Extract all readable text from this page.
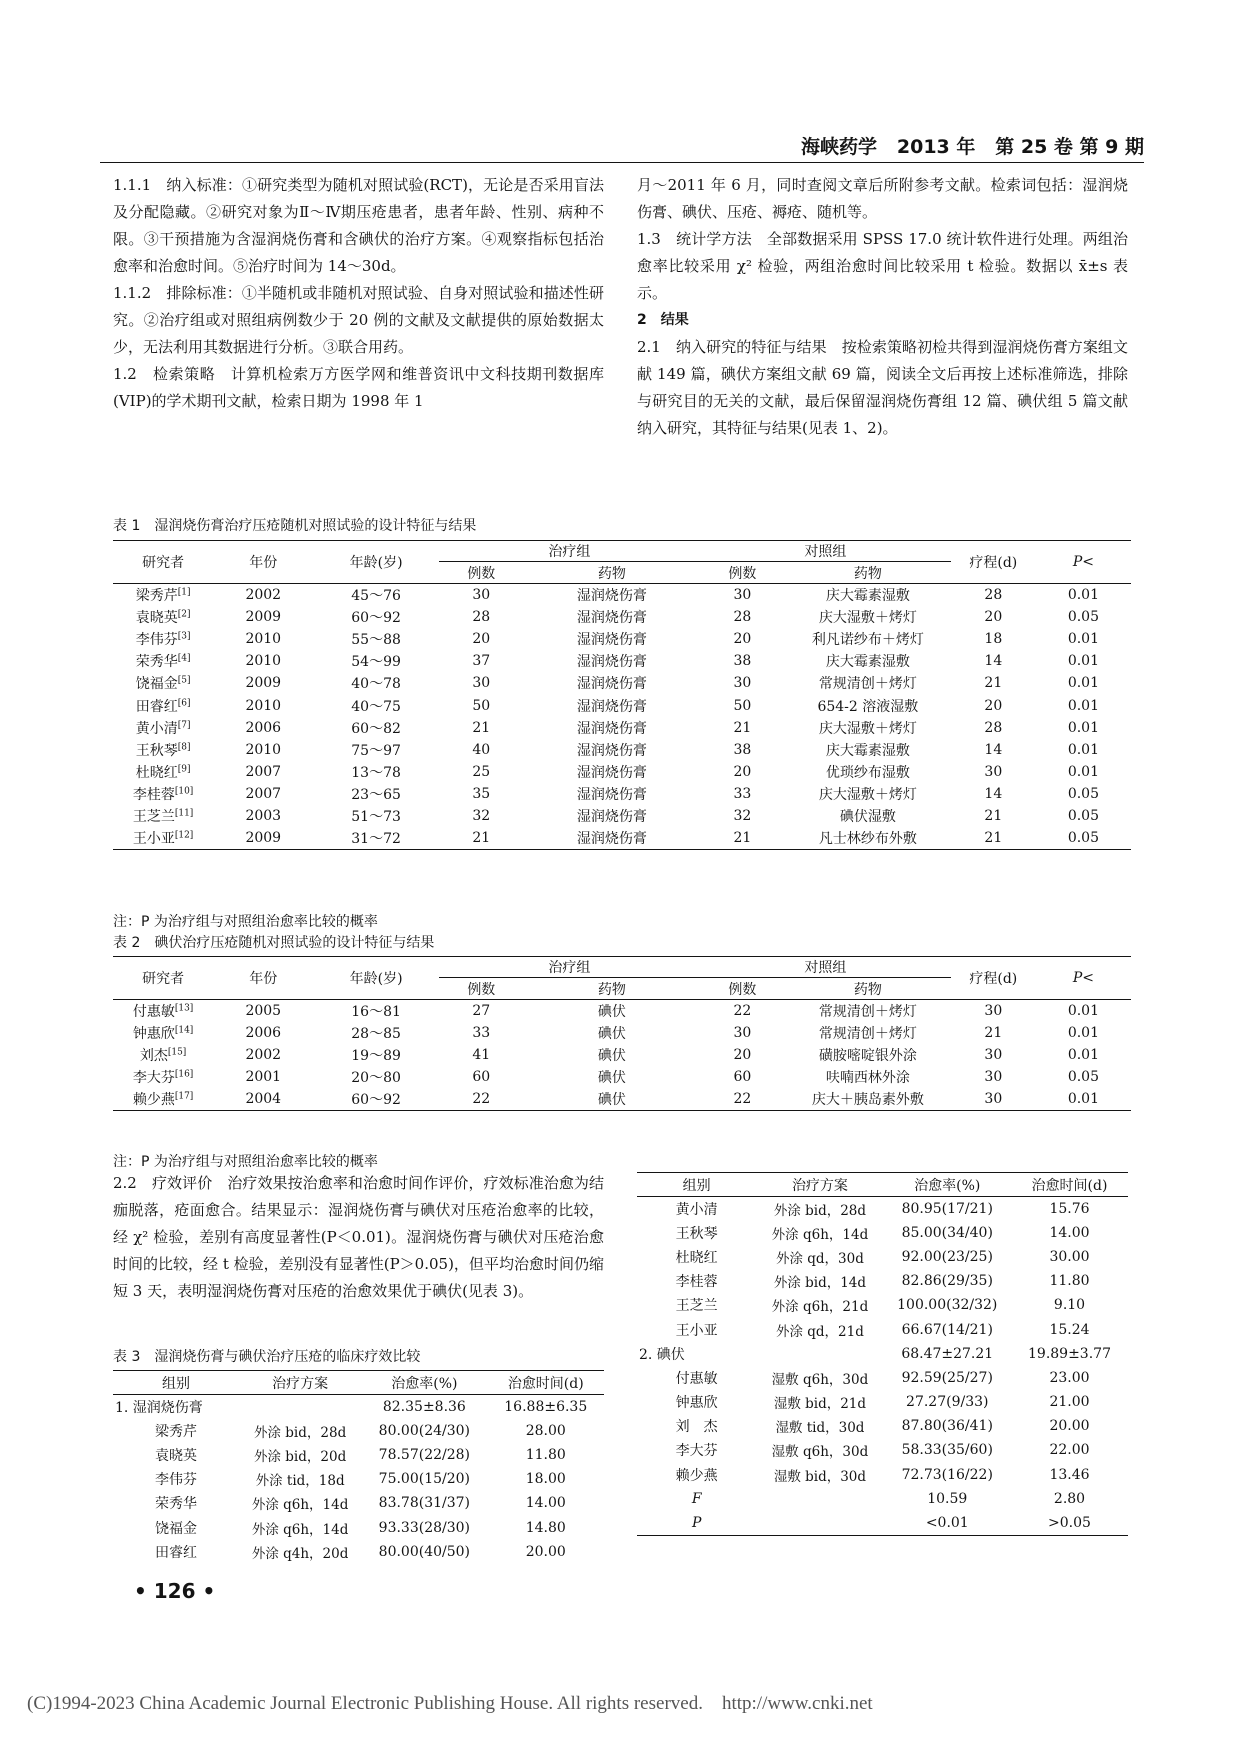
海峡药学 2013 年 第 25 卷 第 9 期

1.1.1　纳入标准：①研究类型为随机对照试验(RCT)，无论是否采用盲法及分配隐藏。②研究对象为Ⅱ～Ⅳ期压疮患者，患者年龄、性别、病种不限。③干预措施为含湿润烧伤膏和含碘伏的治疗方案。④观察指标包括治愈率和治愈时间。⑤治疗时间为 14～30d。

1.1.2　排除标准：①半随机或非随机对照试验、自身对照试验和描述性研究。②治疗组或对照组病例数少于 20 例的文献及文献提供的原始数据太少，无法利用其数据进行分析。③联合用药。

1.2　检索策略　计算机检索万方医学网和维普资讯中文科技期刊数据库(VIP)的学术期刊文献，检索日期为 1998 年 1

月～2011 年 6 月，同时查阅文章后所附参考文献。检索词包括：湿润烧伤膏、碘伏、压疮、褥疮、随机等。

1.3　统计学方法　全部数据采用 SPSS 17.0 统计软件进行处理。两组治愈率比较采用 χ² 检验，两组治愈时间比较采用 t 检验。数据以 x̄±s 表示。

2　结果

2.1　纳入研究的特征与结果　按检索策略初检共得到湿润烧伤膏方案组文献 149 篇，碘伏方案组文献 69 篇，阅读全文后再按上述标准筛选，排除与研究目的无关的文献，最后保留湿润烧伤膏组 12 篇、碘伏组 5 篇文献纳入研究，其特征与结果(见表 1、2)。

表 1　湿润烧伤膏治疗压疮随机对照试验的设计特征与结果
研究者	年份	年龄(岁)	治疗组		对照组		疗程(d)	P<
			例数	药物	例数	药物		
梁秀芹[1]	2002	45～76	30	湿润烧伤膏	30	庆大霉素湿敷	28	0.01
袁晓英[2]	2009	60～92	28	湿润烧伤膏	28	庆大湿敷＋烤灯	20	0.05
李伟芬[3]	2010	55～88	20	湿润烧伤膏	20	利凡诺纱布＋烤灯	18	0.01
荣秀华[4]	2010	54～99	37	湿润烧伤膏	38	庆大霉素湿敷	14	0.01
饶福金[5]	2009	40～78	30	湿润烧伤膏	30	常规清创＋烤灯	21	0.01
田睿红[6]	2010	40～75	50	湿润烧伤膏	50	654-2 溶液湿敷	20	0.01
黄小清[7]	2006	60～82	21	湿润烧伤膏	21	庆大湿敷＋烤灯	28	0.01
王秋琴[8]	2010	75～97	40	湿润烧伤膏	38	庆大霉素湿敷	14	0.01
杜晓红[9]	2007	13～78	25	湿润烧伤膏	20	优琐纱布湿敷	30	0.01
李桂蓉[10]	2007	23～65	35	湿润烧伤膏	33	庆大湿敷＋烤灯	14	0.05
王芝兰[11]	2003	51～73	32	湿润烧伤膏	32	碘伏湿敷	21	0.05
王小亚[12]	2009	31～72	21	湿润烧伤膏	21	凡士林纱布外敷	21	0.05
注：P 为治疗组与对照组治愈率比较的概率
表 2　碘伏治疗压疮随机对照试验的设计特征与结果
研究者	年份	年龄(岁)	治疗组		对照组		疗程(d)	P<
			例数	药物	例数	药物		
付惠敏[13]	2005	16～81	27	碘伏	22	常规清创＋烤灯	30	0.01
钟惠欣[14]	2006	28～85	33	碘伏	30	常规清创＋烤灯	21	0.01
刘杰[15]	2002	19～89	41	碘伏	20	磺胺嘧啶银外涂	30	0.01
李大芬[16]	2001	20～80	60	碘伏	60	呋喃西林外涂	30	0.05
赖少燕[17]	2004	60～92	22	碘伏	22	庆大＋胰岛素外敷	30	0.01
注：P 为治疗组与对照组治愈率比较的概率

2.2　疗效评价　治疗效果按治愈率和治愈时间作评价，疗效标准治愈为结痂脱落，疮面愈合。结果显示：湿润烧伤膏与碘伏对压疮治愈率的比较，经 χ² 检验，差别有高度显著性(P＜0.01)。湿润烧伤膏与碘伏对压疮治愈时间的比较，经 t 检验，差别没有显著性(P＞0.05)，但平均治愈时间仍缩短 3 天，表明湿润烧伤膏对压疮的治愈效果优于碘伏(见表 3)。

表 3　湿润烧伤膏与碘伏治疗压疮的临床疗效比较
组别	治疗方案	治愈率(%)	治愈时间(d)
1. 湿润烧伤膏		82.35±8.36	16.88±6.35
梁秀芹	外涂 bid，28d	80.00(24/30)	28.00
袁晓英	外涂 bid，20d	78.57(22/28)	11.80
李伟芬	外涂 tid，18d	75.00(15/20)	18.00
荣秀华	外涂 q6h，14d	83.78(31/37)	14.00
饶福金	外涂 q6h，14d	93.33(28/30)	14.80
田睿红	外涂 q4h，20d	80.00(40/50)	20.00
组别	治疗方案	治愈率(%)	治愈时间(d)
黄小清	外涂 bid，28d	80.95(17/21)	15.76
王秋琴	外涂 q6h，14d	85.00(34/40)	14.00
杜晓红	外涂 qd，30d	92.00(23/25)	30.00
李桂蓉	外涂 bid，14d	82.86(29/35)	11.80
王芝兰	外涂 q6h，21d	100.00(32/32)	9.10
王小亚	外涂 qd，21d	66.67(14/21)	15.24
2. 碘伏		68.47±27.21	19.89±3.77
付惠敏	湿敷 q6h，30d	92.59(25/27)	23.00
钟惠欣	湿敷 bid，21d	27.27(9/33)	21.00
刘　杰	湿敷 tid，30d	87.80(36/41)	20.00
李大芬	湿敷 q6h，30d	58.33(35/60)	22.00
赖少燕	湿敷 bid，30d	72.73(16/22)	13.46
F		10.59	2.80
P		<0.01	>0.05
• 126 •
(C)1994-2023 China Academic Journal Electronic Publishing House. All rights reserved.　http://www.cnki.net
